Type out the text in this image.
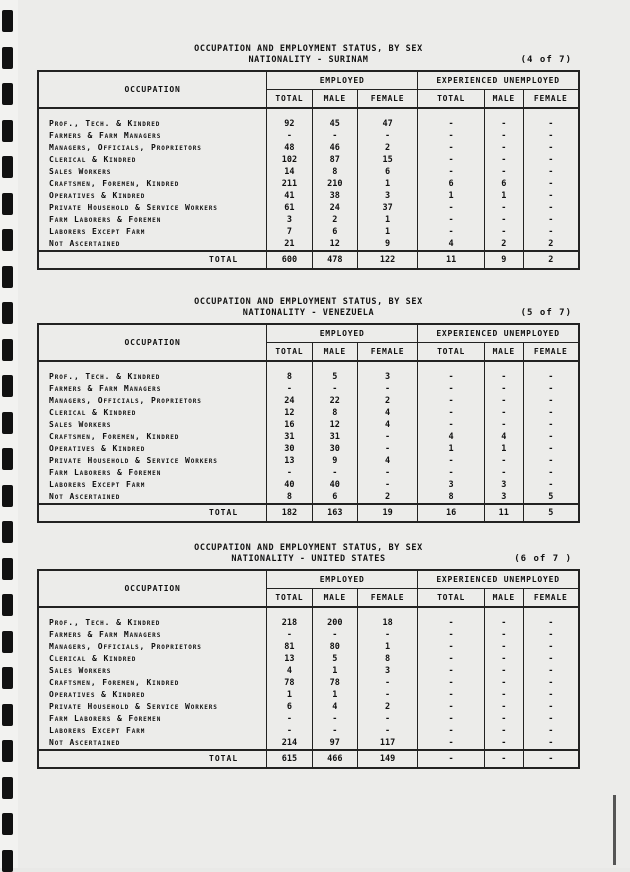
OCCUPATION AND EMPLOYMENT STATUS, BY SEX
NATIONALITY - SURINAM	(4 of 7)
OCCUPATION	EMPLOYED			EXPERIENCED UNEMPLOYED		
	TOTAL	MALE	FEMALE	TOTAL	MALE	FEMALE

Prof., Tech. & Kindred	92	45	47	-	-	-
Farmers & Farm Managers	-	-	-	-	-	-
Managers, Officials, Proprietors	48	46	2	-	-	-
Clerical & Kindred	102	87	15	-	-	-
Sales Workers	14	8	6	-	-	-
Craftsmen, Foremen, Kindred	211	210	1	6	6	-
Operatives & Kindred	41	38	3	1	1	-
Private Household & Service Workers	61	24	37	-	-	-
Farm Laborers & Foremen	3	2	1	-	-	-
Laborers Except Farm	7	6	1	-	-	-
Not Ascertained	21	12	9	4	2	2
TOTAL	600	478	122	11	9	2
OCCUPATION AND EMPLOYMENT STATUS, BY SEX
NATIONALITY - VENEZUELA	(5 of 7)
OCCUPATION	EMPLOYED			EXPERIENCED UNEMPLOYED		
	TOTAL	MALE	FEMALE	TOTAL	MALE	FEMALE

Prof., Tech. & Kindred	8	5	3	-	-	-
Farmers & Farm Managers	-	-	-	-	-	-
Managers, Officials, Proprietors	24	22	2	-	-	-
Clerical & Kindred	12	8	4	-	-	-
Sales Workers	16	12	4	-	-	-
Craftsmen, Foremen, Kindred	31	31	-	4	4	-
Operatives & Kindred	30	30	-	1	1	-
Private Household & Service Workers	13	9	4	-	-	-
Farm Laborers & Foremen	-	-	-	-	-	-
Laborers Except Farm	40	40	-	3	3	-
Not Ascertained	8	6	2	8	3	5
TOTAL	182	163	19	16	11	5
OCCUPATION AND EMPLOYMENT STATUS, BY SEX
NATIONALITY - UNITED STATES	(6 of 7 )
OCCUPATION	EMPLOYED			EXPERIENCED UNEMPLOYED		
	TOTAL	MALE	FEMALE	TOTAL	MALE	FEMALE

Prof., Tech. & Kindred	218	200	18	-	-	-
Farmers & Farm Managers	-	-	-	-	-	-
Managers, Officials, Proprietors	81	80	1	-	-	-
Clerical & Kindred	13	5	8	-	-	-
Sales Workers	4	1	3	-	-	-
Craftsmen, Foremen, Kindred	78	78	-	-	-	-
Operatives & Kindred	1	1	-	-	-	-
Private Household & Service Workers	6	4	2	-	-	-
Farm Laborers & Foremen	-	-	-	-	-	-
Laborers Except Farm	-	-	-	-	-	-
Not Ascertained	214	97	117	-	-	-
TOTAL	615	466	149	-	-	-
